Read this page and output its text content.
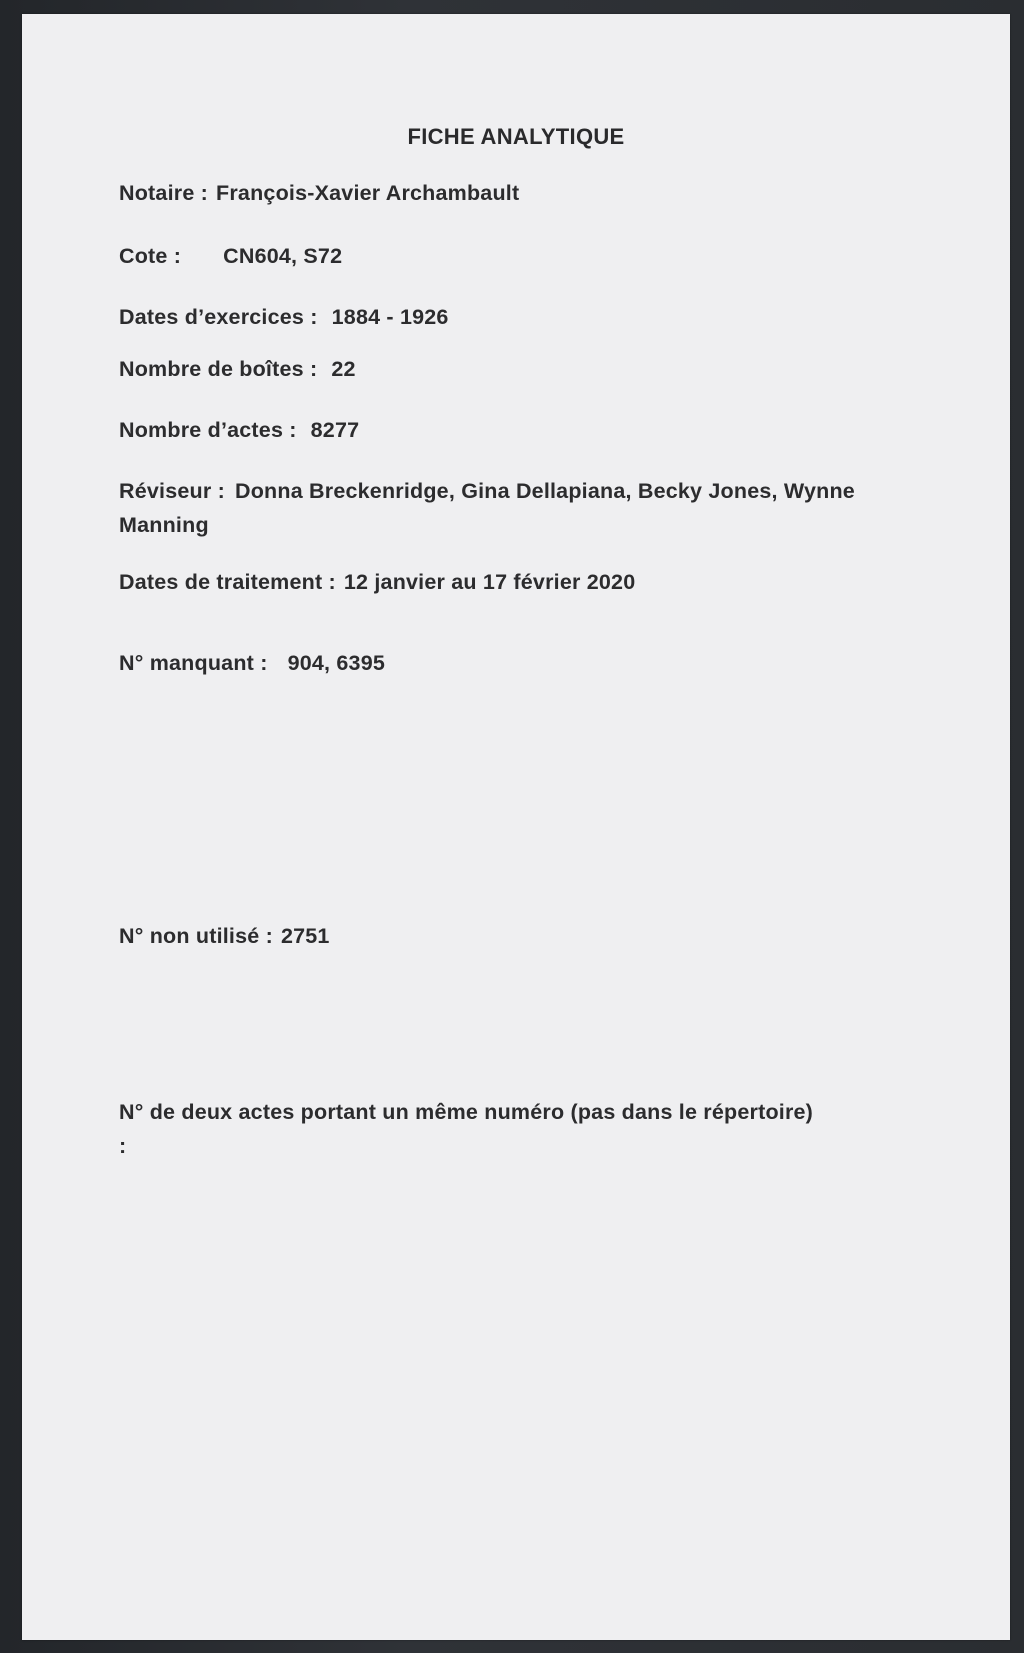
FICHE ANALYTIQUE
Notaire : François-Xavier Archambault
Cote : CN604, S72
Dates d’exercices : 1884 - 1926
Nombre de boîtes : 22
Nombre d’actes : 8277
Réviseur : Donna Breckenridge, Gina Dellapiana, Becky Jones, Wynne Manning
Dates de traitement : 12 janvier au 17 février 2020
N° manquant : 904, 6395
N° non utilisé : 2751
N° de deux actes portant un même numéro (pas dans le répertoire) :
